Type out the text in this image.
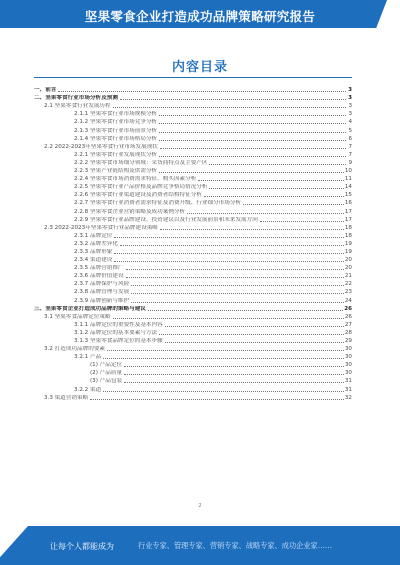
坚果零食企业打造成功品牌策略研究报告
内容目录
一、前言	3
二、坚果零食行业市场分析及预测	3
2.1 坚果零食行业发展历程	3
2.1.1 坚果零食行业市场规模分析	3
2.1.2 坚果零食行业市场竞争分析	4
2.1.3 坚果零食行业市场前景分析	5
2.1.4 坚果零食行业市场格局分析	6
2.2 2022-2023年坚果零食行业市场发展现状	7
2.2.1 坚果零食行业发展现状分析	7
2.2.2 坚果零食市场细分领域：采货商特点及主要产区	9
2.2.3 坚果产业链结构及供需分析	10
2.2.4 坚果零食市场消费需求特征、购买因素分析	11
2.2.5 坚果零食行业产品价格及品牌竞争格局情况分析	14
2.2.6 坚果零食行业渠道建设及消费者结构特征分析	15
2.2.7 坚果零食行业消费者需求特征及消费升级、行业细分市场分析	16
2.2.8 坚果零食企业营销策略及成功案例分析	17
2.2.9 坚果零食行业品牌建设、投资建议以及行业发展前景和未来发展方向	17
2.3 2022-2023年坚果零食行业品牌建设策略	18
2.3.1 品牌定位	18
2.3.2 品牌差异化	19
2.3.3 品牌形象	19
2.3.4 渠道建设	20
2.3.5 品牌营销推广	20
2.3.6 品牌价值建设	21
2.3.7 品牌保护与风险	22
2.3.8 品牌管理与发展	23
2.3.9 品牌创新与维护	24
三、坚果零食企业打造成功品牌的策略与建议	26
3.1 坚果零食品牌定位策略	26
3.1.1 品牌定位的重要性及基本内容	27
3.1.2 品牌定位的基本要素与方法	28
3.1.3 坚果零食品牌定位的基本步骤	29
3.2 打造成功品牌的要素	30
3.2.1 产品	30
(1) 产品定位	30
(2) 产品质量	30
(3) 产品包装	31
3.2.2 渠道	31
3.3 渠道营销策略	32
2
让每个人都能成为	行业专家、管理专家、营销专家、战略专家、成功企业家……
